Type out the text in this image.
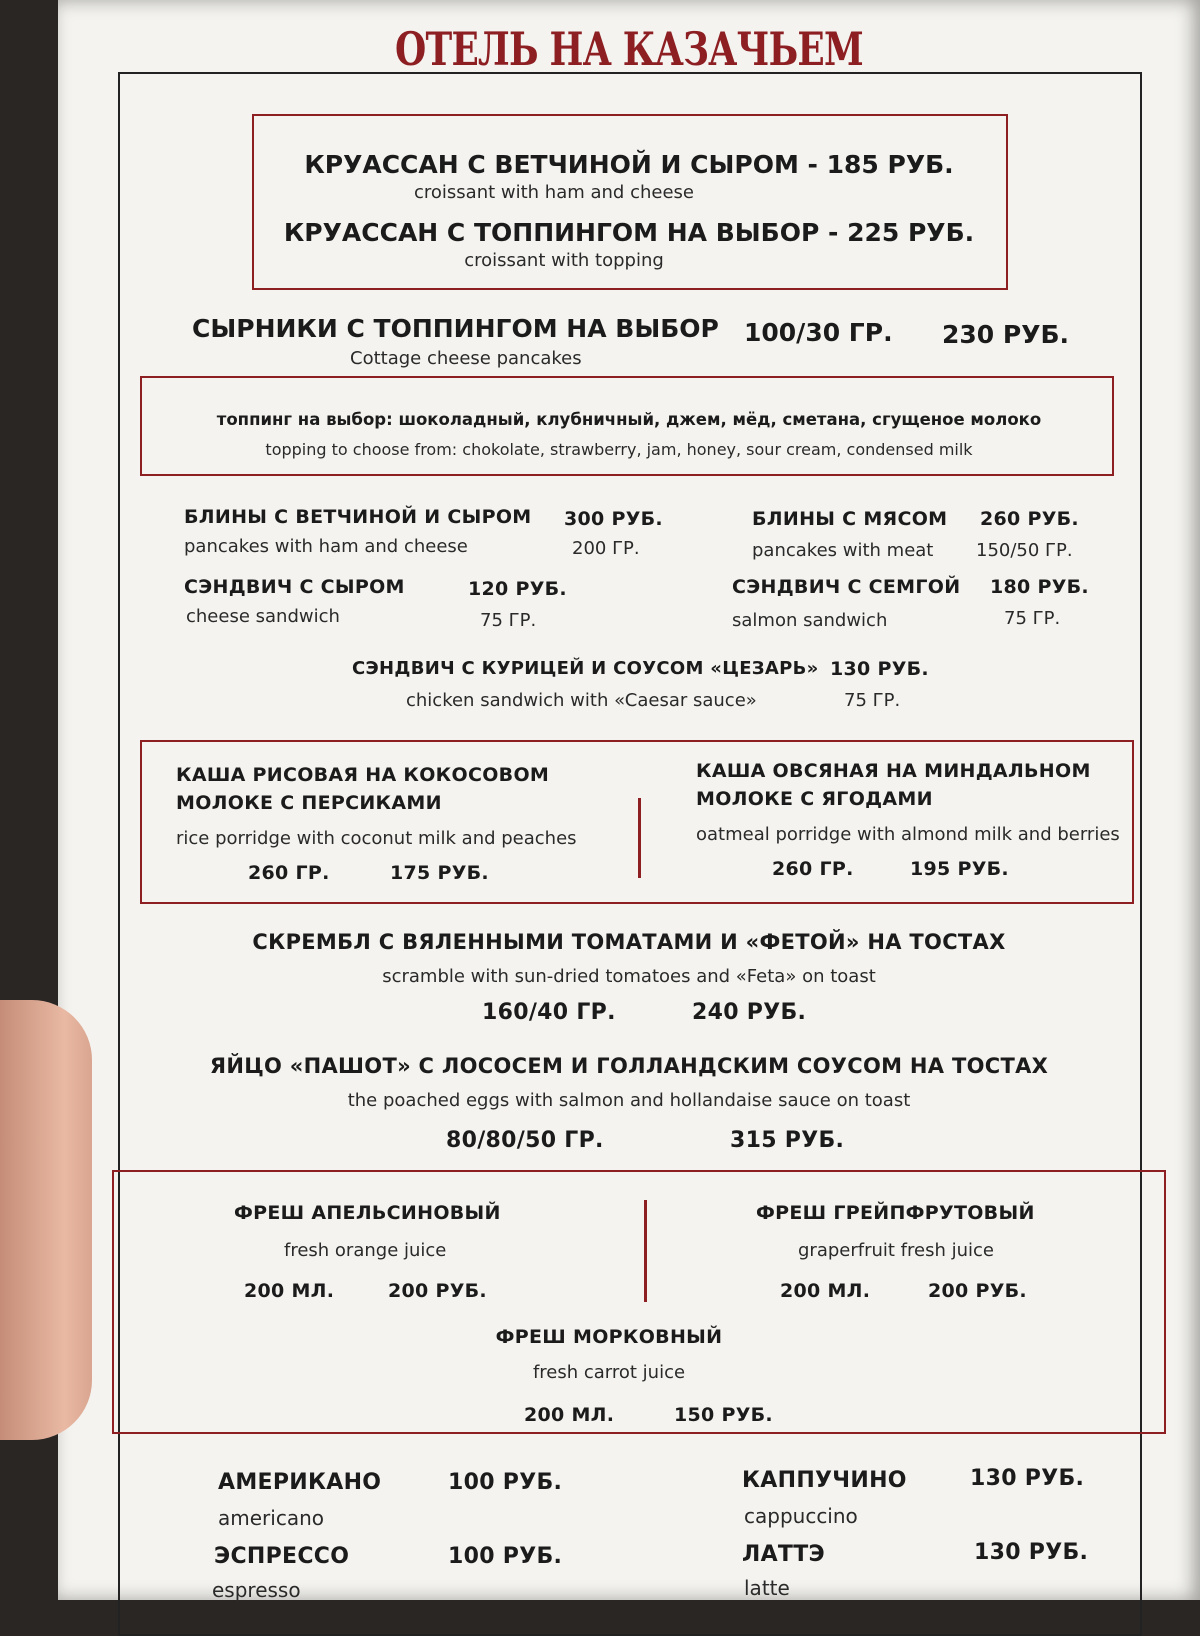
ОТЕЛЬ НА КАЗАЧЬЕМ
КРУАССАН С ВЕТЧИНОЙ И СЫРОМ - 185 РУБ.
croissant with ham and cheese
КРУАССАН С ТОППИНГОМ НА ВЫБОР - 225 РУБ.
croissant with topping
СЫРНИКИ С ТОППИНГОМ НА ВЫБОР 100/30 ГР. 230 РУБ.
Cottage cheese pancakes
топпинг на выбор: шоколадный, клубничный, джем, мёд, сметана, сгущеное молоко
topping to choose from: chokolate, strawberry, jam, honey, sour cream, condensed milk
БЛИНЫ С ВЕТЧИНОЙ И СЫРОМ 300 РУБ.
pancakes with ham and cheese	200 ГР.
БЛИНЫ С МЯСОМ 260 РУБ.
pancakes with meat 150/50 ГР.
СЭНДВИЧ С СЫРОМ	120 РУБ.
cheese sandwich	75 ГР.
СЭНДВИЧ С СЕМГОЙ 180 РУБ.
salmon sandwich	75 ГР.
СЭНДВИЧ С КУРИЦЕЙ И СОУСОМ «ЦЕЗАРЬ» 130 РУБ.
chicken sandwich with «Caesar sauce»	75 ГР.
КАША РИСОВАЯ НА КОКОСОВОМ
МОЛОКЕ С ПЕРСИКАМИ
rice porridge with coconut milk and peaches
260 ГР.	175 РУБ.
КАША ОВСЯНАЯ НА МИНДАЛЬНОМ
МОЛОКЕ С ЯГОДАМИ
oatmeal porridge with almond milk and berries
260 ГР.	195 РУБ.
СКРЕМБЛ С ВЯЛЕННЫМИ ТОМАТАМИ И «ФЕТОЙ» НА ТОСТАХ
scramble with sun-dried tomatoes and «Feta» on toast
160/40 ГР.	240 РУБ.
ЯЙЦО «ПАШОТ» С ЛОСОСЕМ И ГОЛЛАНДСКИМ СОУСОМ НА ТОСТАХ
the poached eggs with salmon and hollandaise sauce on toast
80/80/50 ГР.	315 РУБ.
ФРЕШ АПЕЛЬСИНОВЫЙ
fresh orange juice
200 МЛ.	200 РУБ.
ФРЕШ ГРЕЙПФРУТОВЫЙ
graperfruit fresh juice
200 МЛ.	200 РУБ.
ФРЕШ МОРКОВНЫЙ
fresh carrot juice
200 МЛ.	150 РУБ.
АМЕРИКАНО	100 РУБ.
americano
КАППУЧИНО	130 РУБ.
cappuccino
ЭСПРЕССО	100 РУБ.
espresso
ЛАТТЭ	130 РУБ.
latte
